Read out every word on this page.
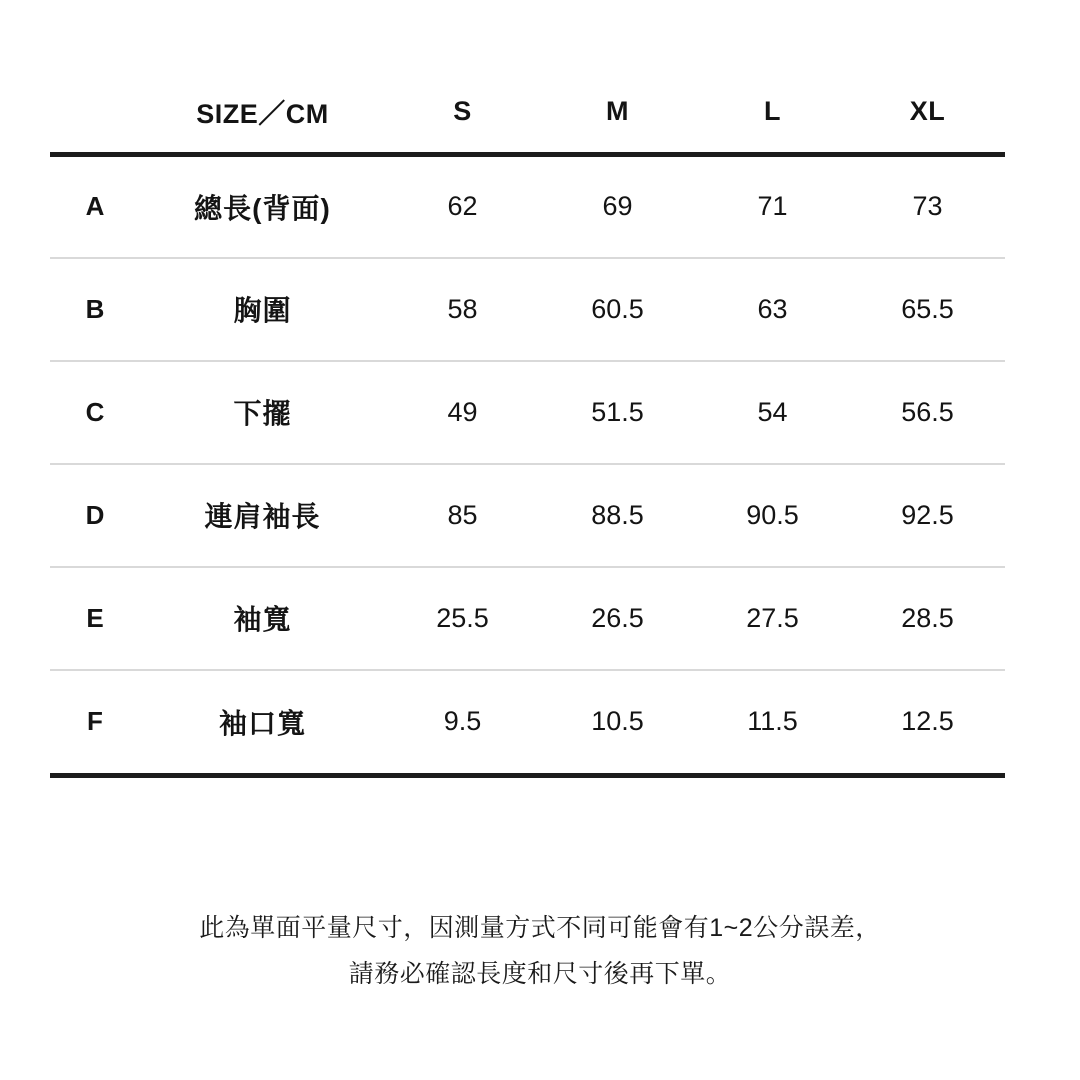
	SIZE／CM	S	M	L	XL
A	總長(背面)	62	69	71	73
B	胸圍	58	60.5	63	65.5
C	下擺	49	51.5	54	56.5
D	連肩袖長	85	88.5	90.5	92.5
E	袖寬	25.5	26.5	27.5	28.5
F	袖口寬	9.5	10.5	11.5	12.5
此為單面平量尺寸，因測量方式不同可能會有1~2公分誤差，
請務必確認長度和尺寸後再下單。
